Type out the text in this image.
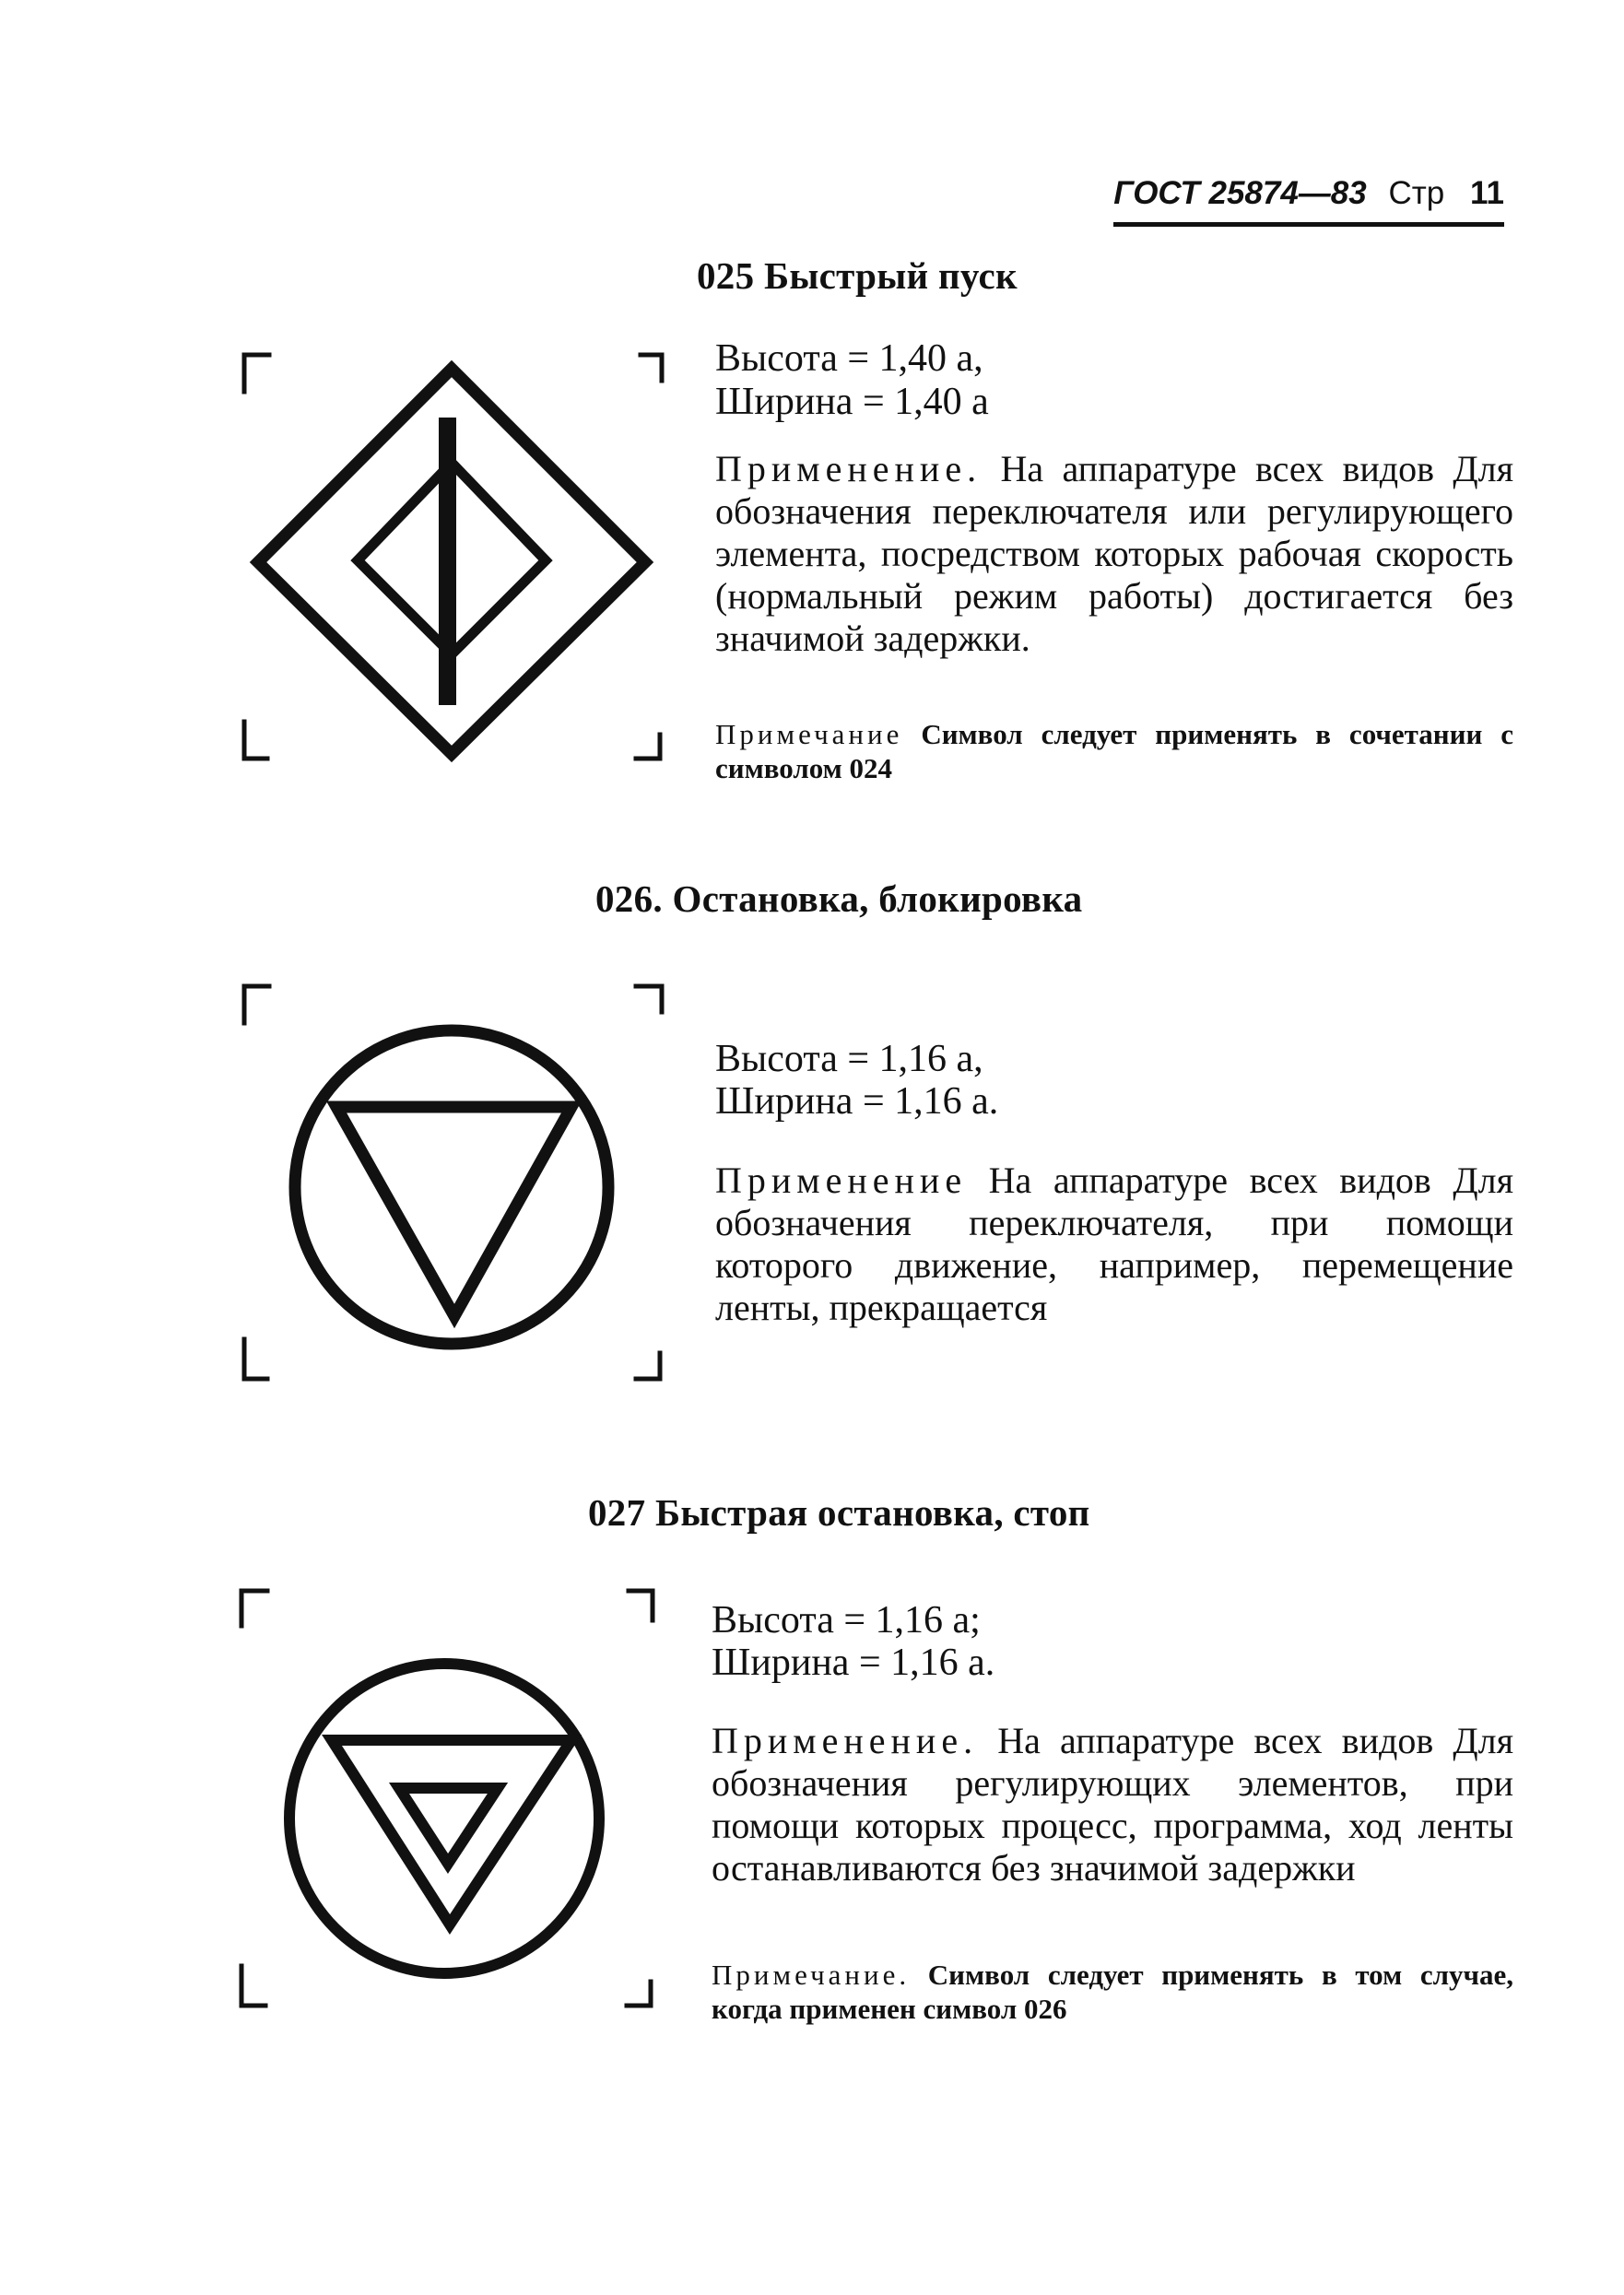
ГОСТ 25874—83 Стр 11
025 Быстрый пуск
Высота = 1,40 а,
Ширина = 1,40 а
Применение. На аппаратуре всех видов Для обозначения переключателя или регулирующего элемента, посредством которых рабочая скорость (нормальный режим работы) достигается без значимой задержки.
Примечание Символ следует применять в сочетании с символом 024
026. Остановка, блокировка
Высота = 1,16 а,
Ширина = 1,16 а.
Применение На аппаратуре всех видов Для обозначения переключателя, при помощи которого движение, например, перемещение ленты, прекращается
027 Быстрая остановка, стоп
Высота = 1,16 а;
Ширина = 1,16 а.
Применение. На аппаратуре всех видов Для обозначения регулирующих элементов, при помощи которых процесс, программа, ход ленты останавливаются без значимой задержки
Примечание. Символ следует применять в том случае, когда применен символ 026
